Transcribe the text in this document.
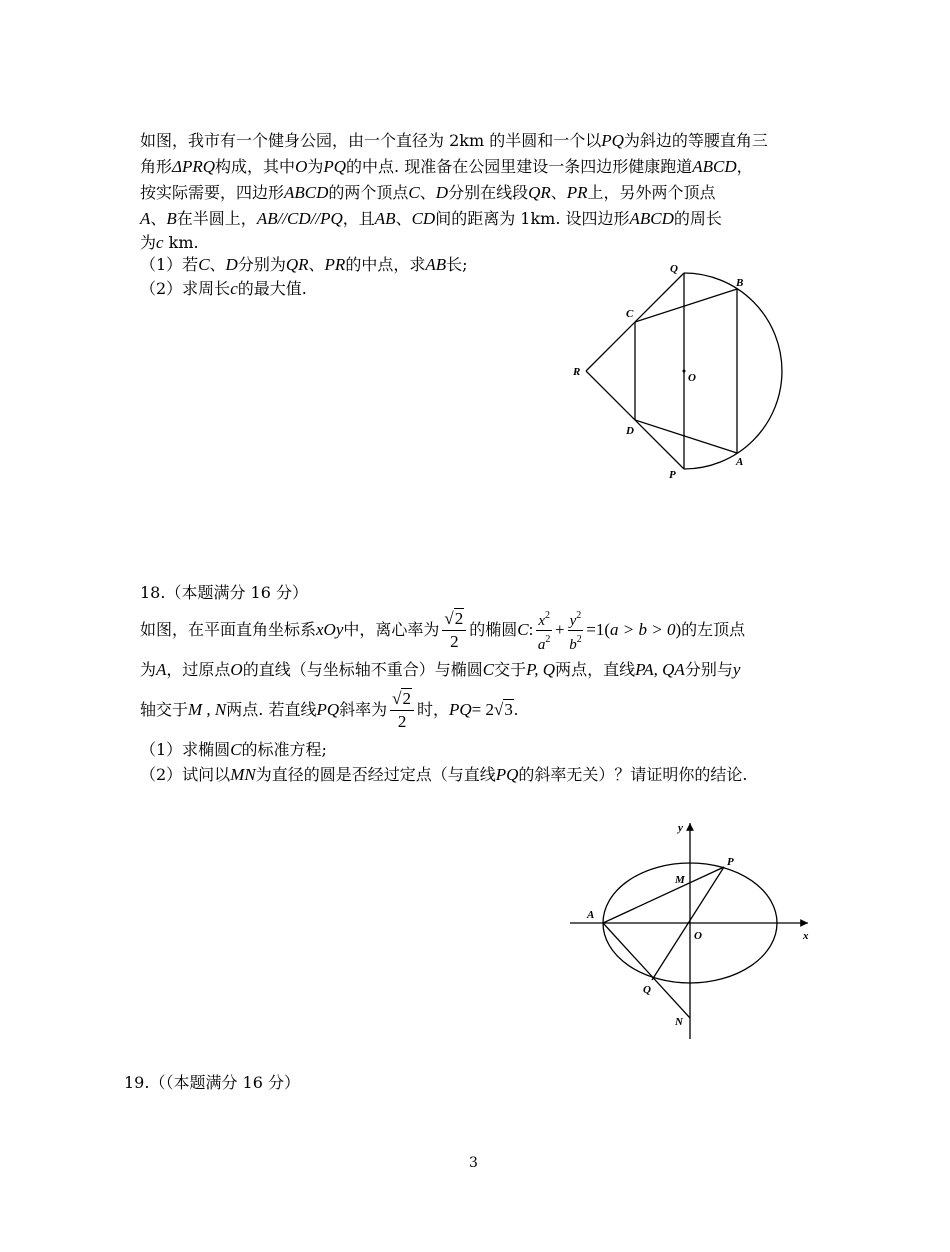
如图，我市有一个健身公园，由一个直径为 2km 的半圆和一个以PQ为斜边的等腰直角三
角形ΔPRQ构成，其中O为PQ的中点. 现准备在公园里建设一条四边形健康跑道ABCD，
按实际需要，四边形ABCD的两个顶点C、D分别在线段QR、PR上，另外两个顶点
A、B在半圆上，AB//CD//PQ，且AB、CD间的距离为 1km. 设四边形ABCD的周长
为c km.
（1）若C、D分别为QR、PR的中点，求AB长;
（2）求周长c的最大值.
Q
B
C
R	O
D
A
P
18.（本题满分 16 分）
如图，在平面直角坐标系xOy中，离心率为 $\frac{√2}{2}$ 的椭圆C: $\frac{x^2}{a^2} + \frac{y^2}{b^2} =1(a > b > 0)$的左顶点
为A，过原点O的直线（与坐标轴不重合）与椭圆C交于P, Q两点，直线PA, QA分别与y
轴交于M , N两点. 若直线PQ斜率为 $\frac{√2}{2}$ 时，PQ= 2√3.
（1）求椭圆C的标准方程;
（2）试问以MN为直径的圆是否经过定点（与直线PQ的斜率无关）？请证明你的结论.
y
P
M
A
O	x
Q
N
19.（（本题满分 16 分）
3
